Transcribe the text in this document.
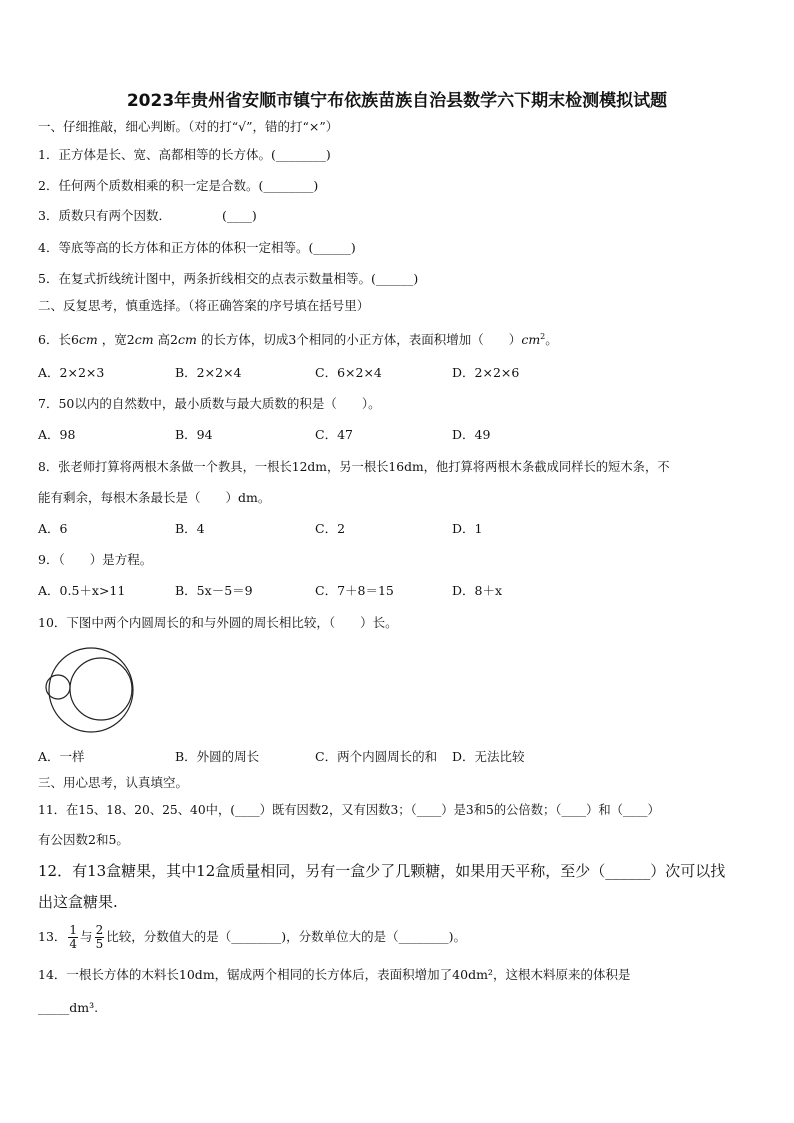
2023年贵州省安顺市镇宁布依族苗族自治县数学六下期末检测模拟试题
一、仔细推敲，细心判断。（对的打“√”，错的打“×”）
1．正方体是长、宽、高都相等的长方体。(________)
2．任何两个质数相乘的积一定是合数。(________)
3．质数只有两个因数．	(____)
4．等底等高的长方体和正方体的体积一定相等。(______)
5．在复式折线统计图中，两条折线相交的点表示数量相等。(______)
二、反复思考，慎重选择。（将正确答案的序号填在括号里）
6．长6cm ，宽2cm 高2cm 的长方体，切成3个相同的小正方体，表面积增加（　　）$cm^2$。
A．2×2×3	B．2×2×4	C．6×2×4	D．2×2×6
7．50以内的自然数中，最小质数与最大质数的积是（　　）。
A．98	B．94	C．47	D．49
8．张老师打算将两根木条做一个教具，一根长12dm，另一根长16dm，他打算将两根木条截成同样长的短木条，不
能有剩余，每根木条最长是（　　）dm。
A．6	B．4	C．2	D．1
9．（　　）是方程。
A．0.5＋x>11	B．5x－5＝9	C．7＋8＝15	D．8＋x
10．下图中两个内圆周长的和与外圆的周长相比较，（　　）长。
A．一样	B．外圆的周长	C．两个内圆周长的和 D．无法比较
三、用心思考，认真填空。
11．在15、18、20、25、40中，(____）既有因数2，又有因数3；（____）是3和5的公倍数；（____）和（____）
有公因数2和5。
12．有13盒糖果，其中12盒质量相同，另有一盒少了几颗糖，如果用天平称，至少（______）次可以找
出这盒糖果.
13． $\frac{1}{4}$ 与 $\frac{2}{5}$ 比较，分数值大的是（________)，分数单位大的是（________)。
14．一根长方体的木料长10dm，锯成两个相同的长方体后，表面积增加了40dm²，这根木料原来的体积是
_____dm³.
